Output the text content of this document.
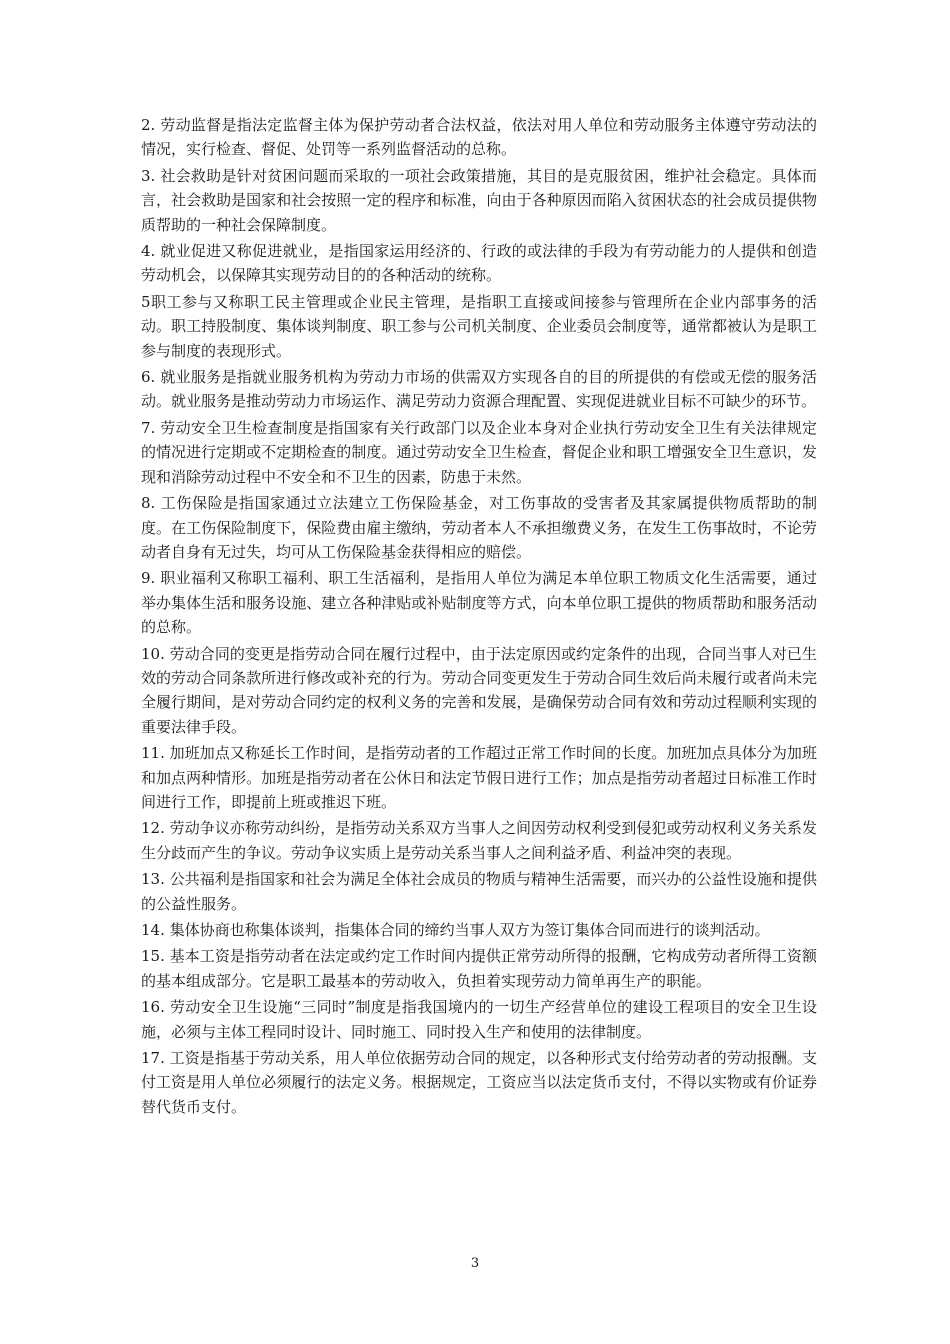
2. 劳动监督是指法定监督主体为保护劳动者合法权益，依法对用人单位和劳动服务主体遵守劳动法的情况，实行检查、督促、处罚等一系列监督活动的总称。

3. 社会救助是针对贫困问题而采取的一项社会政策措施，其目的是克服贫困，维护社会稳定。具体而言，社会救助是国家和社会按照一定的程序和标准，向由于各种原因而陷入贫困状态的社会成员提供物质帮助的一种社会保障制度。

4. 就业促进又称促进就业，是指国家运用经济的、行政的或法律的手段为有劳动能力的人提供和创造劳动机会，以保障其实现劳动目的的各种活动的统称。

5职工参与又称职工民主管理或企业民主管理，是指职工直接或间接参与管理所在企业内部事务的活动。职工持股制度、集体谈判制度、职工参与公司机关制度、企业委员会制度等，通常都被认为是职工参与制度的表现形式。

6. 就业服务是指就业服务机构为劳动力市场的供需双方实现各自的目的所提供的有偿或无偿的服务活动。就业服务是推动劳动力市场运作、满足劳动力资源合理配置、实现促进就业目标不可缺少的环节。

7. 劳动安全卫生检查制度是指国家有关行政部门以及企业本身对企业执行劳动安全卫生有关法律规定的情况进行定期或不定期检查的制度。通过劳动安全卫生检查，督促企业和职工增强安全卫生意识，发现和消除劳动过程中不安全和不卫生的因素，防患于未然。

8. 工伤保险是指国家通过立法建立工伤保险基金，对工伤事故的受害者及其家属提供物质帮助的制度。在工伤保险制度下，保险费由雇主缴纳，劳动者本人不承担缴费义务，在发生工伤事故时，不论劳动者自身有无过失，均可从工伤保险基金获得相应的赔偿。

9. 职业福利又称职工福利、职工生活福利，是指用人单位为满足本单位职工物质文化生活需要，通过举办集体生活和服务设施、建立各种津贴或补贴制度等方式，向本单位职工提供的物质帮助和服务活动的总称。

10. 劳动合同的变更是指劳动合同在履行过程中，由于法定原因或约定条件的出现，合同当事人对已生效的劳动合同条款所进行修改或补充的行为。劳动合同变更发生于劳动合同生效后尚未履行或者尚未完全履行期间，是对劳动合同约定的权利义务的完善和发展，是确保劳动合同有效和劳动过程顺利实现的重要法律手段。

11. 加班加点又称延长工作时间，是指劳动者的工作超过正常工作时间的长度。加班加点具体分为加班和加点两种情形。加班是指劳动者在公休日和法定节假日进行工作；加点是指劳动者超过日标准工作时间进行工作，即提前上班或推迟下班。

12. 劳动争议亦称劳动纠纷，是指劳动关系双方当事人之间因劳动权利受到侵犯或劳动权利义务关系发生分歧而产生的争议。劳动争议实质上是劳动关系当事人之间利益矛盾、利益冲突的表现。

13. 公共福利是指国家和社会为满足全体社会成员的物质与精神生活需要，而兴办的公益性设施和提供的公益性服务。

14. 集体协商也称集体谈判，指集体合同的缔约当事人双方为签订集体合同而进行的谈判活动。

15. 基本工资是指劳动者在法定或约定工作时间内提供正常劳动所得的报酬，它构成劳动者所得工资额的基本组成部分。它是职工最基本的劳动收入，负担着实现劳动力简单再生产的职能。

16. 劳动安全卫生设施“三同时”制度是指我国境内的一切生产经营单位的建设工程项目的安全卫生设施，必须与主体工程同时设计、同时施工、同时投入生产和使用的法律制度。

17. 工资是指基于劳动关系，用人单位依据劳动合同的规定，以各种形式支付给劳动者的劳动报酬。支付工资是用人单位必须履行的法定义务。根据规定，工资应当以法定货币支付，不得以实物或有价证券替代货币支付。

3
